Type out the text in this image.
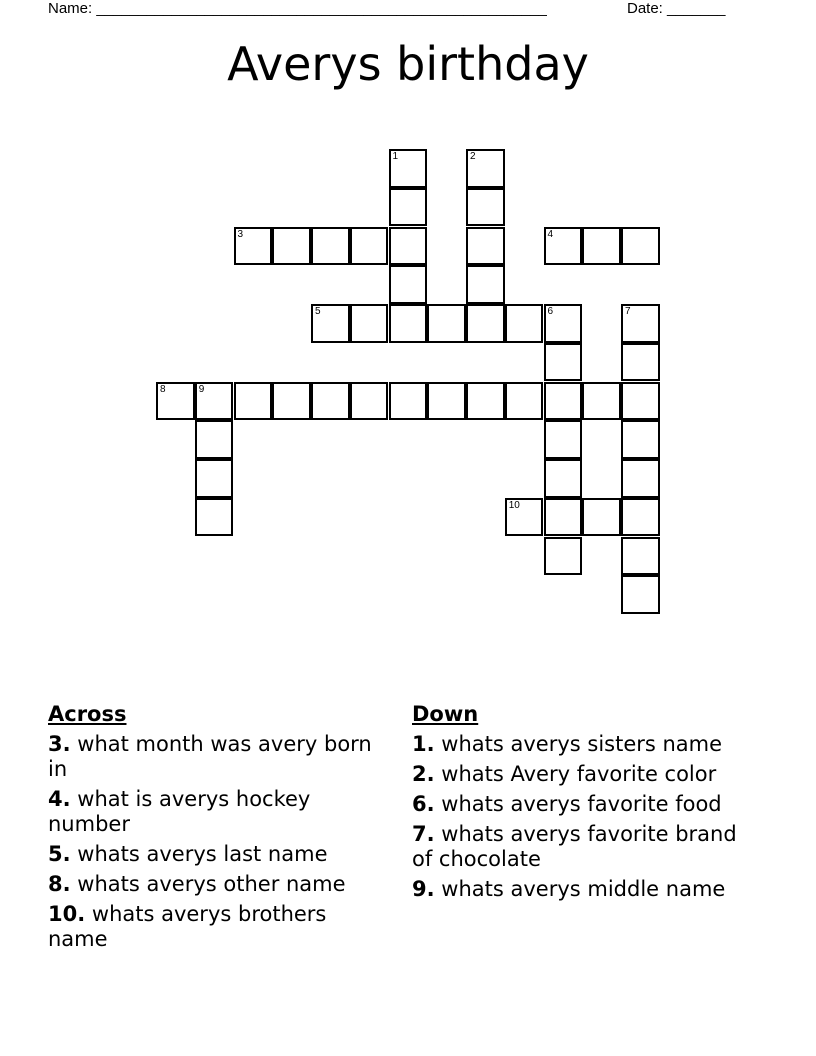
Name: ______________________________________________________	Date: _______
Averys birthday
1	2
3	4
5	6	7
8	9
10
Across
3. what month was avery born in
4. what is averys hockey number
5. whats averys last name
8. whats averys other name
10. whats averys brothers name
Down
1. whats averys sisters name
2. whats Avery favorite color
6. whats averys favorite food
7. whats averys favorite brand of chocolate
9. whats averys middle name
